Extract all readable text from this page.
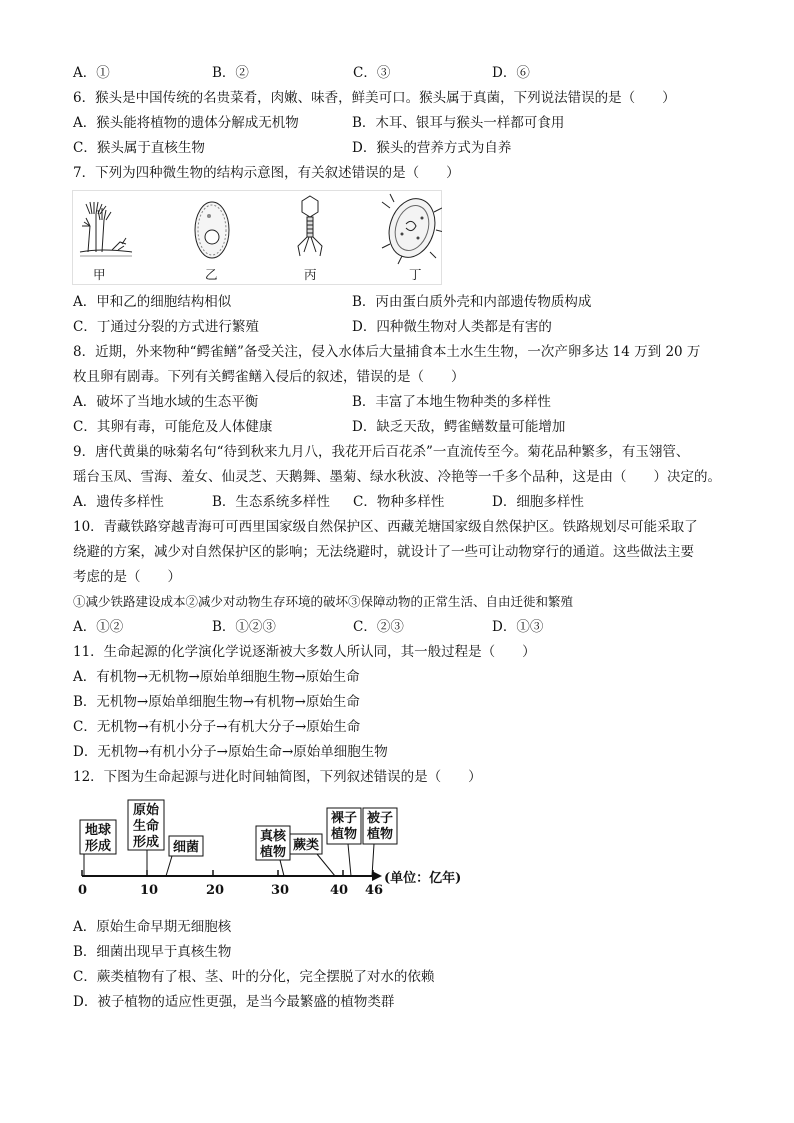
A．①	B．②	C．③	D．⑥
6．猴头是中国传统的名贵菜肴，肉嫩、味香，鲜美可口。猴头属于真菌，下列说法错误的是（　　）
A．猴头能将植物的遗体分解成无机物	B．木耳、银耳与猴头一样都可食用
C．猴头属于直核生物	D．猴头的营养方式为自养
7．下列为四种微生物的结构示意图，有关叙述错误的是（　　）
甲	乙	丙	丁
A．甲和乙的细胞结构相似	B．丙由蛋白质外壳和内部遗传物质构成
C．丁通过分裂的方式进行繁殖	D．四种微生物对人类都是有害的
8．近期，外来物种“鳄雀鳝”备受关注，侵入水体后大量捕食本土水生生物，一次产卵多达 14 万到 20 万
枚且卵有剧毒。下列有关鳄雀鳝入侵后的叙述，错误的是（　　）
A．破坏了当地水域的生态平衡	B．丰富了本地生物种类的多样性
C．其卵有毒，可能危及人体健康	D．缺乏天敌，鳄雀鳝数量可能增加
9．唐代黄巢的咏菊名句“待到秋来九月八，我花开后百花杀”一直流传至今。菊花品种繁多，有玉翎管、
瑶台玉凤、雪海、羞女、仙灵芝、天鹅舞、墨菊、绿水秋波、冷艳等一千多个品种，这是由（　　）决定的。
A．遗传多样性	B．生态系统多样性 C．物种多样性	D．细胞多样性
10．青藏铁路穿越青海可可西里国家级自然保护区、西藏羌塘国家级自然保护区。铁路规划尽可能采取了
绕避的方案，减少对自然保护区的影响；无法绕避时，就设计了一些可让动物穿行的通道。这些做法主要
考虑的是（　　）
①减少铁路建设成本②减少对动物生存环境的破坏③保障动物的正常生活、自由迁徙和繁殖
A．①②	B．①②③	C．②③	D．①③
11．生命起源的化学演化学说逐渐被大多数人所认同，其一般过程是（　　）
A．有机物→无机物→原始单细胞生物→原始生命
B．无机物→原始单细胞生物→有机物→原始生命
C．无机物→有机小分子→有机大分子→原始生命
D．无机物→有机小分子→原始生命→原始单细胞生物
12．下图为生命起源与进化时间轴简图，下列叙述错误的是（　　）
地球
形成
原始
生命
形成 细菌
真核
植物 蕨类
裸子
植物
被子
植物
0	10	20	30	40 46
(单位：亿年)
A．原始生命早期无细胞核
B．细菌出现早于真核生物
C．蕨类植物有了根、茎、叶的分化，完全摆脱了对水的依赖
D．被子植物的适应性更强，是当今最繁盛的植物类群
